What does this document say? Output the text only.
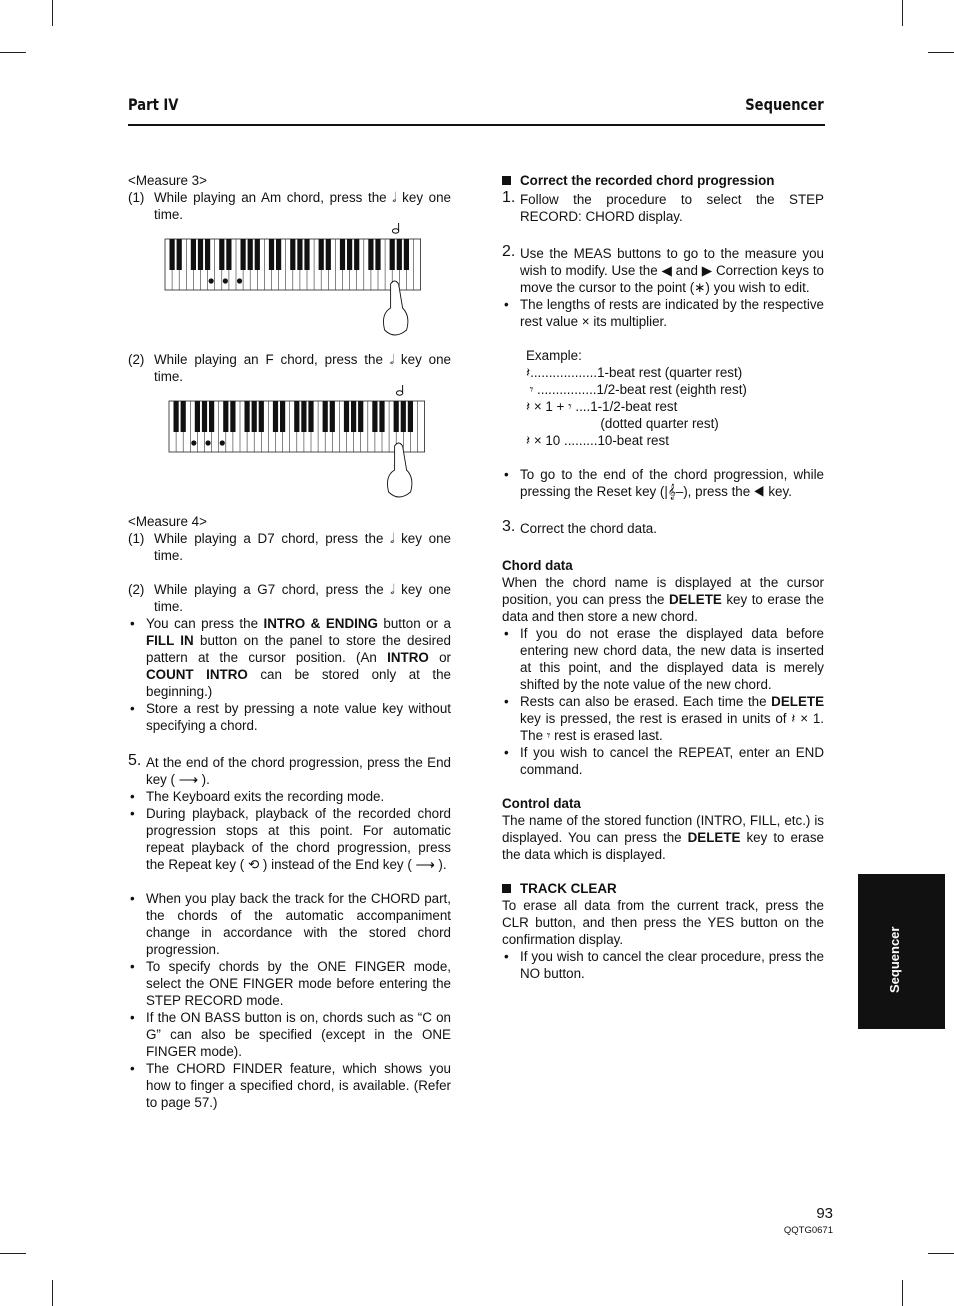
Part IV	Sequencer

<Measure 3>

(1) While playing an Am chord, press the 𝅗𝅥 key one time.
(2) While playing an F chord, press the 𝅗𝅥 key one time.

<Measure 4>

(1) While playing a D7 chord, press the 𝅗𝅥 key one time.
(2) While playing a G7 chord, press the 𝅗𝅥 key one time.
• You can press the INTRO & ENDING button or a FILL IN button on the panel to store the desired pattern at the cursor position. (An INTRO or COUNT INTRO can be stored only at the beginning.)
• Store a rest by pressing a note value key without specifying a chord.
5. At the end of the chord progression, press the End key ( ⟶̵ ).
• The Keyboard exits the recording mode.
• During playback, playback of the recorded chord progression stops at this point. For automatic repeat playback of the chord progression, press the Repeat key ( ⟲ ) instead of the End key ( ⟶̵ ).
• When you play back the track for the CHORD part, the chords of the automatic accompaniment change in accordance with the stored chord progression.
• To specify chords by the ONE FINGER mode, select the ONE FINGER mode before entering the STEP RECORD mode.
• If the ON BASS button is on, chords such as “C on G” can also be specified (except in the ONE FINGER mode).
• The CHORD FINDER feature, which shows you how to finger a specified chord, is available. (Refer to page 57.)

Correct the recorded chord progression

1. Follow the procedure to select the STEP RECORD: CHORD display.
2. Use the MEAS buttons to go to the measure you wish to modify. Use the ◀ and ▶ Correction keys to move the cursor to the point (∗) you wish to edit.
• The lengths of rests are indicated by the respective rest value × its multiplier.
Example:
𝄽..................1-beat rest (quarter rest)
𝄾 ................1/2-beat rest (eighth rest)
𝄽 × 1 + 𝄾 ....1-1/2-beat rest
(dotted quarter rest)
𝄽 × 10 .........10-beat rest
• To go to the end of the chord progression, while pressing the Reset key (|𝄞–), press the ◀ key.
3. Correct the chord data.

Chord data

When the chord name is displayed at the cursor position, you can press the DELETE key to erase the data and then store a new chord.

• If you do not erase the displayed data before entering new chord data, the new data is inserted at this point, and the displayed data is merely shifted by the note value of the new chord.
• Rests can also be erased. Each time the DELETE key is pressed, the rest is erased in units of 𝄽 × 1. The 𝄾 rest is erased last.
• If you wish to cancel the REPEAT, enter an END command.

Control data

The name of the stored function (INTRO, FILL, etc.) is displayed. You can press the DELETE key to erase the data which is displayed.

TRACK CLEAR

To erase all data from the current track, press the CLR button, and then press the YES button on the confirmation display.

• If you wish to cancel the clear procedure, press the NO button.	Sequencer
93
QQTG0671
